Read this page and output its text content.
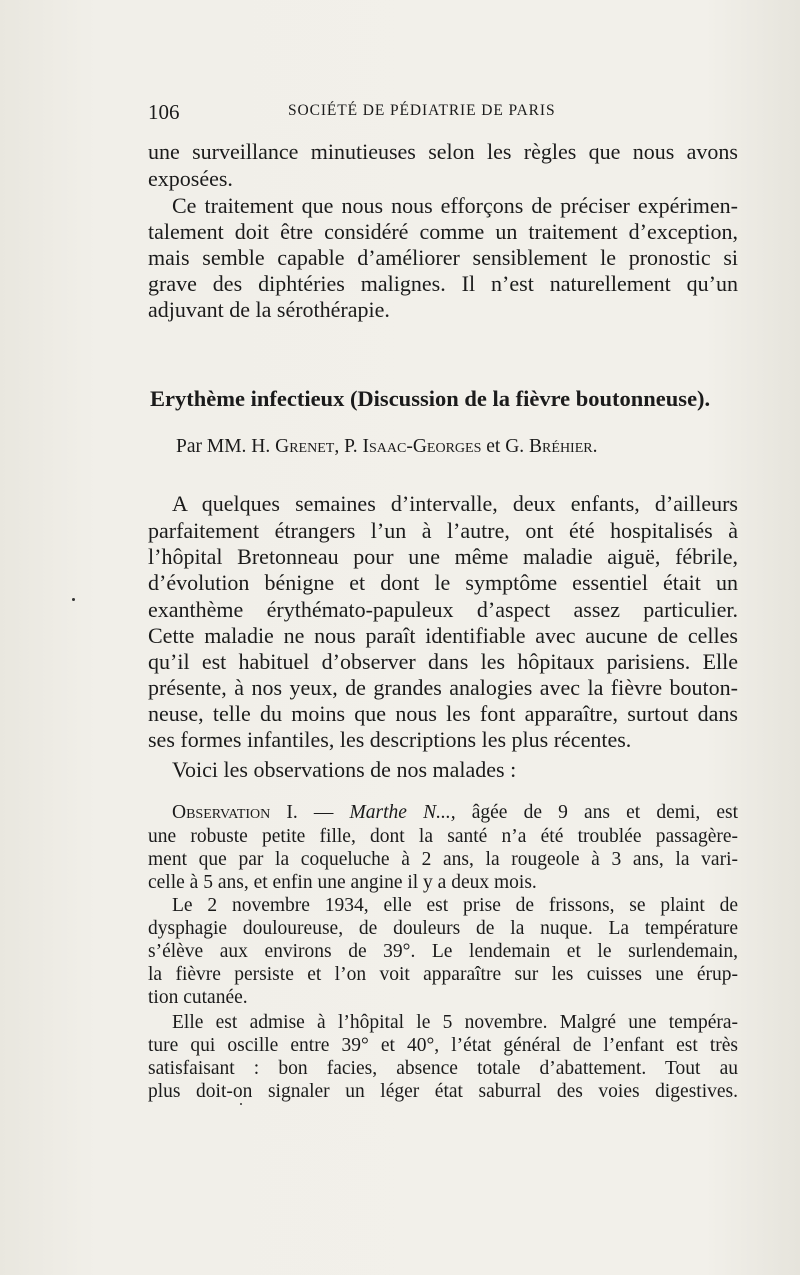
106	SOCIÉTÉ DE PÉDIATRIE DE PARIS
une surveillance minutieuses selon les règles que nous avons
exposées.
Ce traitement que nous nous efforçons de préciser expérimen-
talement doit être considéré comme un traitement d’exception,
mais semble capable d’améliorer sensiblement le pronostic si
grave des diphtéries malignes. Il n’est naturellement qu’un
adjuvant de la sérothérapie.
Erythème infectieux (Discussion de la fièvre boutonneuse).
Par MM. H. Grenet, P. Isaac-Georges et G. Bréhier.
A quelques semaines d’intervalle, deux enfants, d’ailleurs
parfaitement étrangers l’un à l’autre, ont été hospitalisés à
l’hôpital Bretonneau pour une même maladie aiguë, fébrile,
d’évolution bénigne et dont le symptôme essentiel était un
exanthème érythémato-papuleux d’aspect assez particulier.
Cette maladie ne nous paraît identifiable avec aucune de celles
qu’il est habituel d’observer dans les hôpitaux parisiens. Elle
présente, à nos yeux, de grandes analogies avec la fièvre bouton-
neuse, telle du moins que nous les font apparaître, surtout dans
ses formes infantiles, les descriptions les plus récentes.
Voici les observations de nos malades :
Observation I. — Marthe N..., âgée de 9 ans et demi, est
une robuste petite fille, dont la santé n’a été troublée passagère-
ment que par la coqueluche à 2 ans, la rougeole à 3 ans, la vari-
celle à 5 ans, et enfin une angine il y a deux mois.
Le 2 novembre 1934, elle est prise de frissons, se plaint de
dysphagie douloureuse, de douleurs de la nuque. La température
s’élève aux environs de 39°. Le lendemain et le surlendemain,
la fièvre persiste et l’on voit apparaître sur les cuisses une érup-
tion cutanée.
Elle est admise à l’hôpital le 5 novembre. Malgré une tempéra-
ture qui oscille entre 39° et 40°, l’état général de l’enfant est très
satisfaisant : bon facies, absence totale d’abattement. Tout au
plus doit-on signaler un léger état saburral des voies digestives.
